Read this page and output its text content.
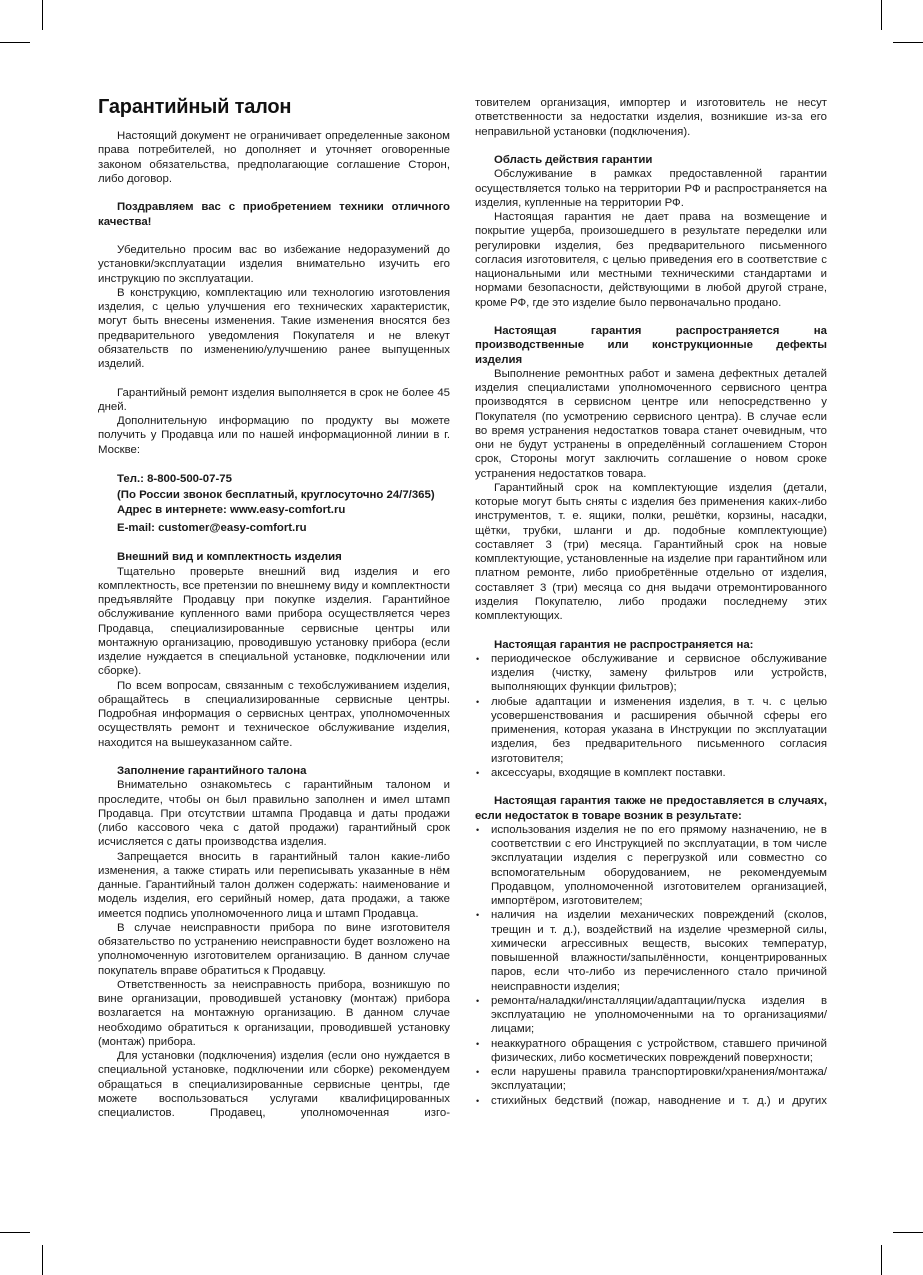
Гарантийный талон

Настоящий документ не ограничивает определенные законом права потребителей, но дополняет и уточняет оговоренные законом обязательства, предполагающие соглашение Сторон, либо договор.

Поздравляем вас с приобретением техники отличного качества!

Убедительно просим вас во избежание недоразумений до установки/эксплуатации изделия внимательно изучить его инструкцию по эксплуатации.

В конструкцию, комплектацию или технологию изготовления изделия, с целью улучшения его технических характеристик, могут быть внесены изменения. Такие изменения вносятся без предварительного уведомления Покупателя и не влекут обязательств по изменению/улучшению ранее выпущенных изделий.

Гарантийный ремонт изделия выполняется в срок не более 45 дней.

Дополнительную информацию по продукту вы можете получить у Продавца или по нашей информационной линии в г. Москве:

Тел.: 8-800-500-07-75

(По России звонок бесплатный, круглосуточно 24/7/365)

Адрес в интернете: www.easy-comfort.ru

E-mail: customer@easy-comfort.ru

Внешний вид и комплектность изделия

Тщательно проверьте внешний вид изделия и его комплектность, все претензии по внешнему виду и комплектности предъявляйте Продавцу при покупке изделия. Гарантийное обслуживание купленного вами прибора осуществляется через Продавца, специализированные сервисные центры или монтажную организацию, проводившую установку прибора (если изделие нуждается в специальной установке, подключении или сборке).

По всем вопросам, связанным с техобслуживанием изделия, обращайтесь в специализированные сервисные центры. Подробная информация о сервисных центрах, уполномоченных осуществлять ремонт и техническое обслуживание изделия, находится на вышеуказанном сайте.

Заполнение гарантийного талона

Внимательно ознакомьтесь с гарантийным талоном и проследите, чтобы он был правильно заполнен и имел штамп Продавца. При отсутствии штампа Продавца и даты продажи (либо кассового чека с датой продажи) гарантийный срок исчисляется с даты производства изделия.

Запрещается вносить в гарантийный талон какие-либо изменения, а также стирать или переписывать указанные в нём данные. Гарантийный талон должен содержать: наименование и модель изделия, его серийный номер, дата продажи, а также имеется подпись уполномоченного лица и штамп Продавца.

В случае неисправности прибора по вине изготовителя обязательство по устранению неисправности будет возложено на уполномоченную изготовителем организацию. В данном случае покупатель вправе обратиться к Продавцу.

Ответственность за неисправность прибора, возникшую по вине организации, проводившей установку (монтаж) прибора возлагается на монтажную организацию. В данном случае необходимо обратиться к организации, проводившей установку (монтаж) прибора.

Для установки (подключения) изделия (если оно нуждается в специальной установке, подключении или сборке) рекомендуем обращаться в специализированные сервисные центры, где можете воспользоваться услугами квалифицированных специалистов. Продавец, уполномоченная изго-

товителем организация, импортер и изготовитель не несут ответственности за недостатки изделия, возникшие из-за его неправильной установки (подключения).

Область действия гарантии

Обслуживание в рамках предоставленной гарантии осуществляется только на территории РФ и распространяется на изделия, купленные на территории РФ.

Настоящая гарантия не дает права на возмещение и покрытие ущерба, произошедшего в результате переделки или регулировки изделия, без предварительного письменного согласия изготовителя, с целью приведения его в соответствие с национальными или местными техническими стандартами и нормами безопасности, действующими в любой другой стране, кроме РФ, где это изделие было первоначально продано.

Настоящая гарантия распространяется на производственные или конструкционные дефекты изделия

Выполнение ремонтных работ и замена дефектных деталей изделия специалистами уполномоченного сервисного центра производятся в сервисном центре или непосредственно у Покупателя (по усмотрению сервисного центра). В случае если во время устранения недостатков товара станет очевидным, что они не будут устранены в определённый соглашением Сторон срок, Стороны могут заключить соглашение о новом сроке устранения недостатков товара.

Гарантийный срок на комплектующие изделия (детали, которые могут быть сняты с изделия без применения каких-либо инструментов, т. е. ящики, полки, решётки, корзины, насадки, щётки, трубки, шланги и др. подобные комплектующие) составляет 3 (три) месяца. Гарантийный срок на новые комплектующие, установленные на изделие при гарантийном или платном ремонте, либо приобретённые отдельно от изделия, составляет 3 (три) месяца со дня выдачи отремонтированного изделия Покупателю, либо продажи последнему этих комплектующих.

Настоящая гарантия не распространяется на:

• периодическое обслуживание и сервисное обслуживание изделия (чистку, замену фильтров или устройств, выполняющих функции фильтров);
• любые адаптации и изменения изделия, в т. ч. с целью усовершенствования и расширения обычной сферы его применения, которая указана в Инструкции по эксплуатации изделия, без предварительного письменного согласия изготовителя;
• аксессуары, входящие в комплект поставки.

Настоящая гарантия также не предоставляется в случаях, если недостаток в товаре возник в результате:

• использования изделия не по его прямому назначению, не в соответствии с его Инструкцией по эксплуатации, в том числе эксплуатации изделия с перегрузкой или совместно со вспомогательным оборудованием, не рекомендуемым Продавцом, уполномоченной изготовителем организацией, импортёром, изготовителем;
• наличия на изделии механических повреждений (сколов, трещин и т. д.), воздействий на изделие чрезмерной силы, химически агрессивных веществ, высоких температур, повышенной влажности/запылённости, концентрированных паров, если что-либо из перечисленного стало причиной неисправности изделия;
• ремонта/наладки/инсталляции/адаптации/пуска изделия в эксплуатацию не уполномоченными на то организациями/лицами;
• неаккуратного обращения с устройством, ставшего причиной физических, либо косметических повреждений поверхности;
• если нарушены правила транспортировки/хранения/монтажа/эксплуатации;
• стихийных бедствий (пожар, наводнение и т. д.) и других
